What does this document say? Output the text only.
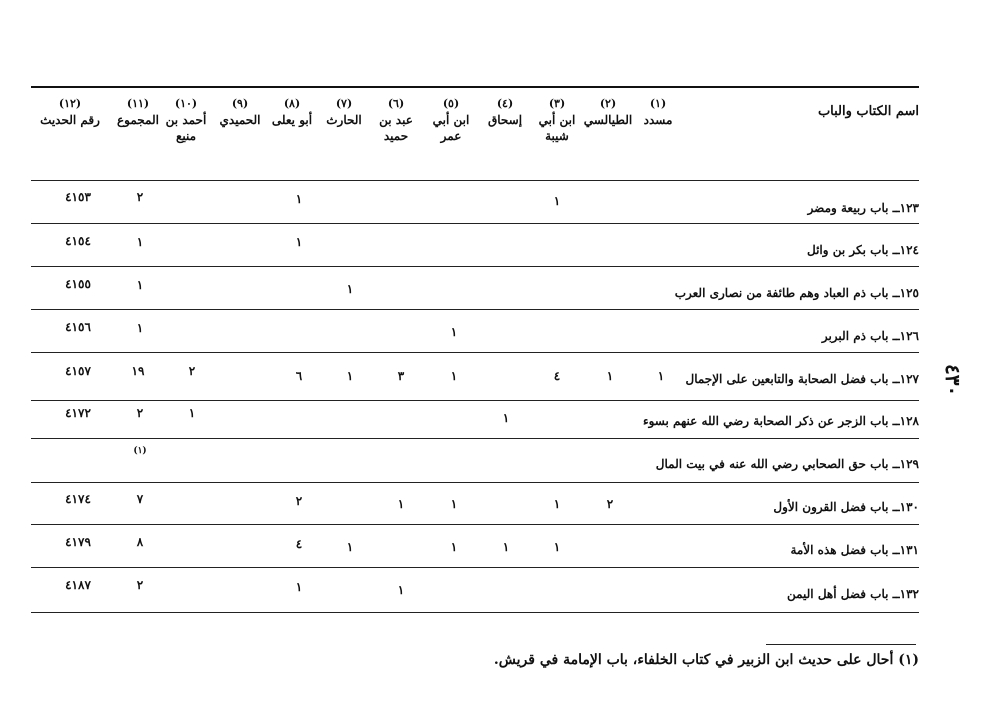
٤٣٠
اسم الكتاب والباب
(١)
مسدد
(٢)
الطيالسي
(٣)
ابن أبي شيبة
(٤)
إسحاق
(٥)
ابن أبي عمر
(٦)
عبد بن حميد
(٧)
الحارث
(٨)
أبو يعلى
(٩)
الحميدي
(١٠)
أحمد بن منيع
(١١)
المجموع
(١٢)
رقم الحديث
١٢٣ــ باب ربيعة ومضر
١
١
٢
٤١٥٣
١٢٤ــ باب بكر بن وائل
١
١
٤١٥٤
١٢٥ــ باب ذم العباد وهم طائفة من نصارى العرب
١
١
٤١٥٥
١٢٦ــ باب ذم البربر
١
١
٤١٥٦
١٢٧ــ باب فضل الصحابة والتابعين على الإجمال
١
١
٤
١
٣
١
٦
٢
١٩
٤١٥٧
١٢٨ــ باب الزجر عن ذكر الصحابة رضي الله عنهم بسوء
١
١
٢
٤١٧٢
١٢٩ــ باب حق الصحابي رضي الله عنه في بيت المال
(١)
١٣٠ــ باب فضل القرون الأول
٢
١
١
١
٢
٧
٤١٧٤
١٣١ــ باب فضل هذه الأمة
١
١
١
١
٤
٨
٤١٧٩
١٣٢ــ باب فضل أهل اليمن
١
١
٢
٤١٨٧
(١) أحال على حديث ابن الزبير في كتاب الخلفاء، باب الإمامة في قريش.
